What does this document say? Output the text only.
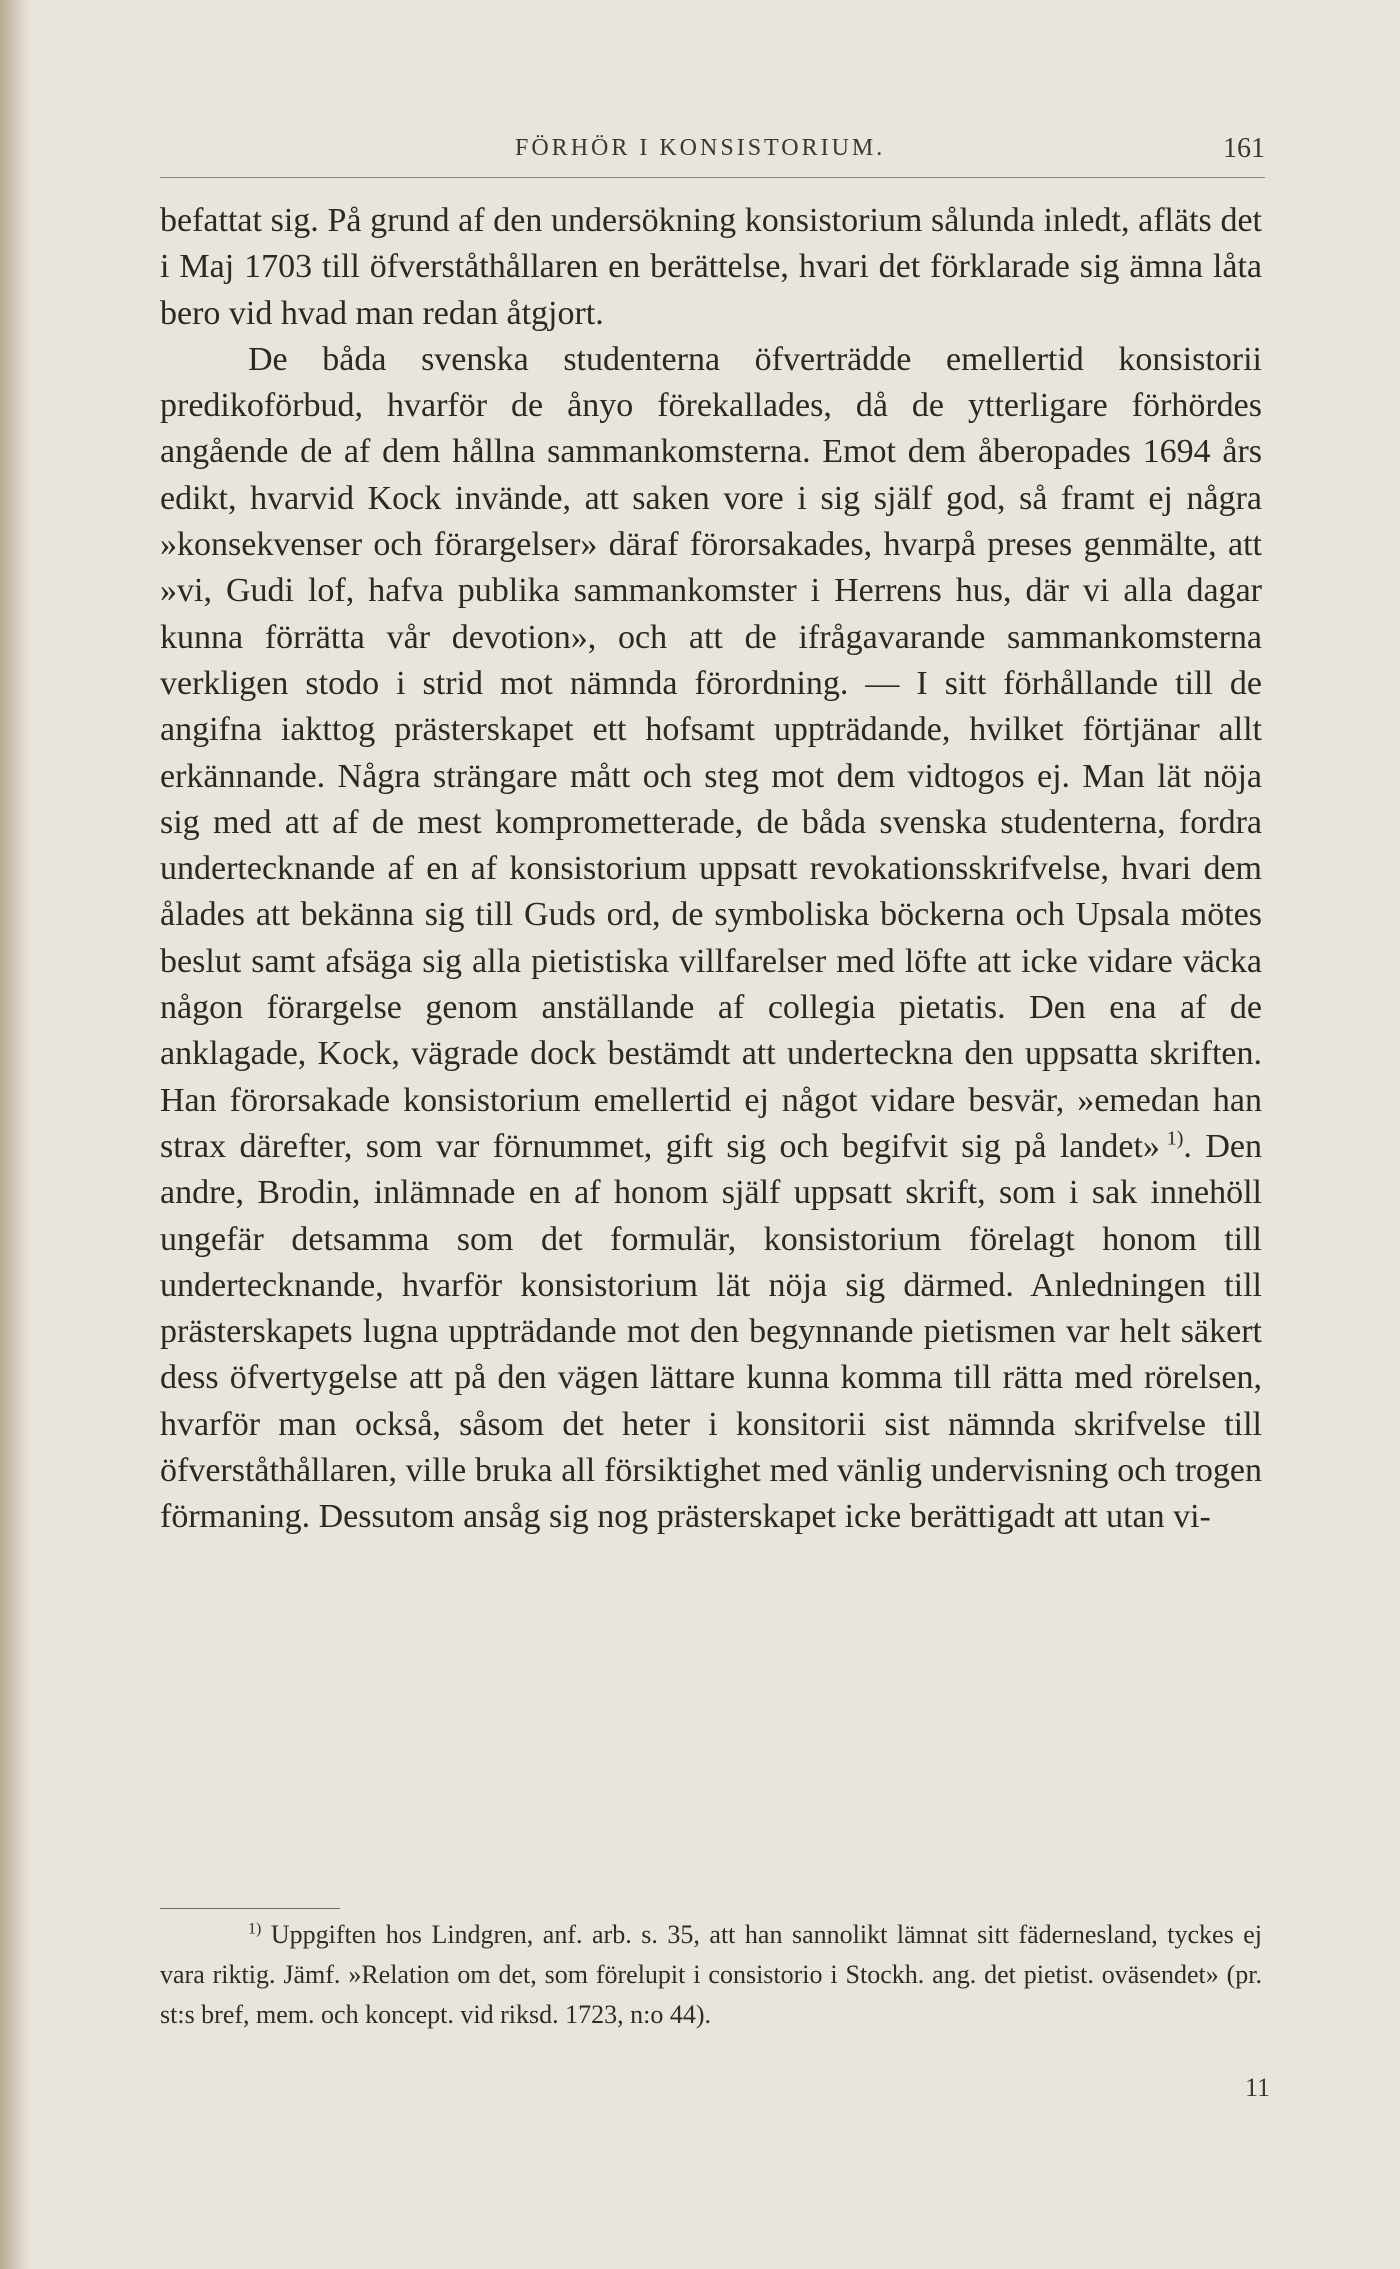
FÖRHÖR I KONSISTORIUM.	161

befattat sig. På grund af den undersökning konsistorium sålunda inledt, afläts det i Maj 1703 till öfverståthållaren en berättelse, hvari det förklarade sig ämna låta bero vid hvad man redan åtgjort.

De båda svenska studenterna öfverträdde emellertid konsistorii predikoförbud, hvarför de ånyo förekallades, då de ytterligare förhördes angående de af dem hållna sammankomsterna. Emot dem åberopades 1694 års edikt, hvarvid Kock invände, att saken vore i sig själf god, så framt ej några »konsekvenser och förargelser» däraf förorsakades, hvarpå preses genmälte, att »vi, Gudi lof, hafva publika sammankomster i Herrens hus, där vi alla dagar kunna förrätta vår devotion», och att de ifrågavarande sammankomsterna verkligen stodo i strid mot nämnda förordning. — I sitt förhållande till de angifna iakttog prästerskapet ett hofsamt uppträdande, hvilket förtjänar allt erkännande. Några strängare mått och steg mot dem vidtogos ej. Man lät nöja sig med att af de mest komprometterade, de båda svenska studenterna, fordra undertecknande af en af konsistorium uppsatt revokationsskrifvelse, hvari dem ålades att bekänna sig till Guds ord, de symboliska böckerna och Upsala mötes beslut samt afsäga sig alla pietistiska villfarelser med löfte att icke vidare väcka någon förargelse genom anställande af collegia pietatis. Den ena af de anklagade, Kock, vägrade dock bestämdt att underteckna den uppsatta skriften. Han förorsakade konsistorium emellertid ej något vidare besvär, »emedan han strax därefter, som var förnummet, gift sig och begifvit sig på landet»  $^{1)}$. Den andre, Brodin, inlämnade en af honom själf uppsatt skrift, som i sak innehöll ungefär detsamma som det formulär, konsistorium förelagt honom till undertecknande, hvarför konsistorium lät nöja sig därmed. Anledningen till prästerskapets lugna uppträdande mot den begynnande pietismen var helt säkert dess öfvertygelse att på den vägen lättare kunna komma till rätta med rörelsen, hvarför man också, såsom det heter i konsitorii sist nämnda skrifvelse till öfverståthållaren, ville bruka all försiktighet med vänlig undervisning och trogen förmaning. Dessutom ansåg sig nog prästerskapet icke berättigadt att utan vi-

$^{1)}$ Uppgiften hos Lindgren, anf. arb. s. 35, att han sannolikt lämnat sitt fädernesland, tyckes ej vara riktig. Jämf. »Relation om det, som förelupit i consistorio i Stockh. ang. det pietist. oväsendet» (pr. st:s bref, mem. och koncept. vid riksd. 1723, n:o 44).
11
